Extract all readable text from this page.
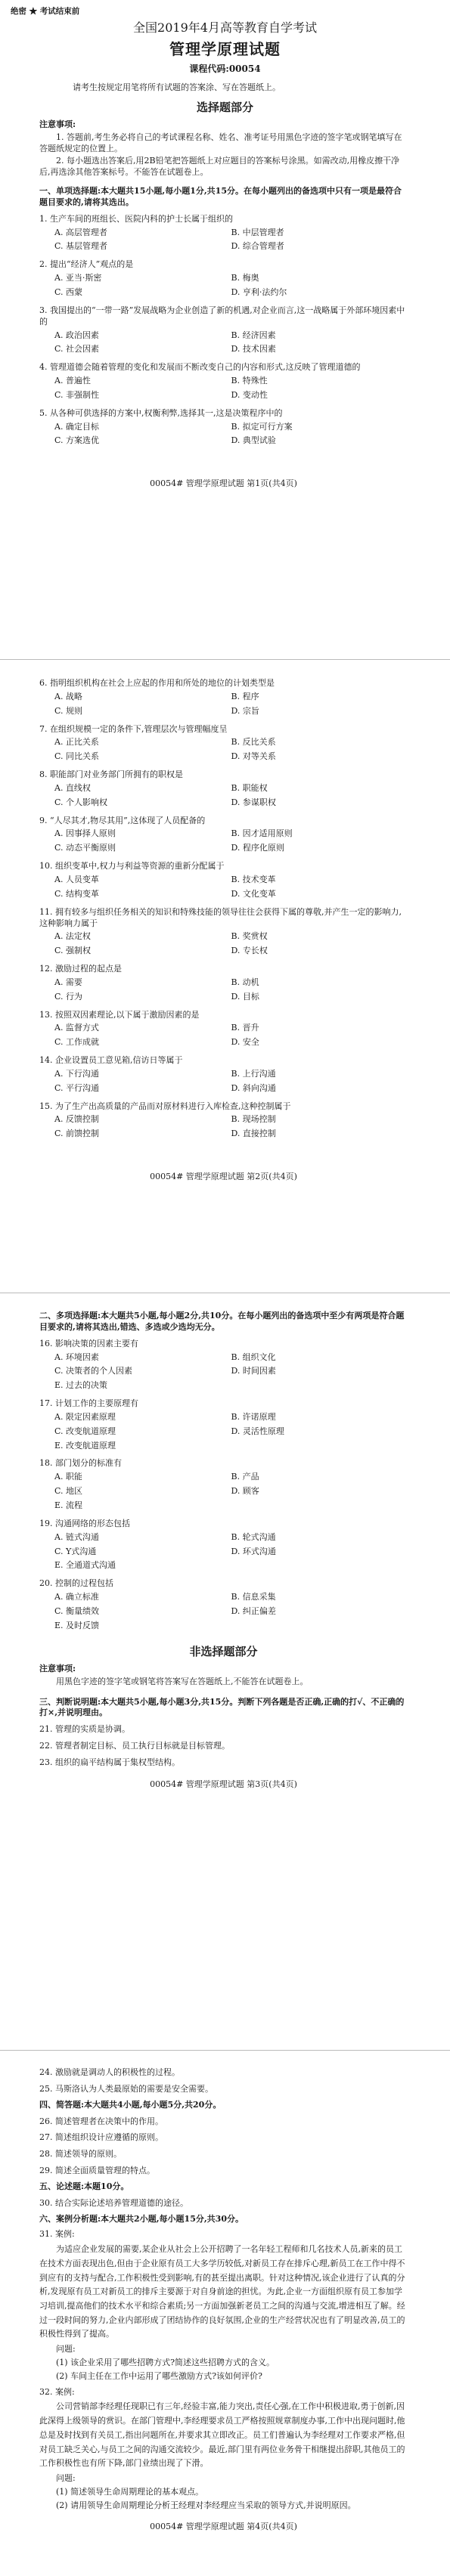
绝密 ★ 考试结束前
全国2019年4月高等教育自学考试
管理学原理试题
课程代码:00054
请考生按规定用笔将所有试题的答案涂、写在答题纸上。
选择题部分
注意事项:
1. 答题前,考生务必将自己的考试课程名称、姓名、准考证号用黑色字迹的签字笔或钢笔填写在答题纸规定的位置上。
2. 每小题选出答案后,用2B铅笔把答题纸上对应题目的答案标号涂黑。如需改动,用橡皮擦干净后,再选涂其他答案标号。不能答在试题卷上。
一、单项选择题:本大题共15小题,每小题1分,共15分。在每小题列出的备选项中只有一项是最符合题目要求的,请将其选出。
1. 生产车间的班组长、医院内科的护士长属于组织的
A. 高层管理者	B. 中层管理者
C. 基层管理者	D. 综合管理者
2. 提出“经济人”观点的是
A. 亚当·斯密	B. 梅奥
C. 西蒙	D. 亨利·法约尔
3. 我国提出的“一带一路”发展战略为企业创造了新的机遇,对企业而言,这一战略属于外部环境因素中的
A. 政治因素	B. 经济因素
C. 社会因素	D. 技术因素
4. 管理道德会随着管理的变化和发展而不断改变自己的内容和形式,这反映了管理道德的
A. 普遍性	B. 特殊性
C. 非强制性	D. 变动性
5. 从各种可供选择的方案中,权衡利弊,选择其一,这是决策程序中的
A. 确定目标	B. 拟定可行方案
C. 方案选优	D. 典型试验
00054# 管理学原理试题 第1页(共4页)
6. 指明组织机构在社会上应起的作用和所处的地位的计划类型是
A. 战略	B. 程序
C. 规则	D. 宗旨
7. 在组织规模一定的条件下,管理层次与管理幅度呈
A. 正比关系	B. 反比关系
C. 同比关系	D. 对等关系
8. 职能部门对业务部门所拥有的职权是
A. 直线权	B. 职能权
C. 个人影响权	D. 参谋职权
9. “人尽其才,物尽其用”,这体现了人员配备的
A. 因事择人原则	B. 因才适用原则
C. 动态平衡原则	D. 程序化原则
10. 组织变革中,权力与利益等资源的重新分配属于
A. 人员变革	B. 技术变革
C. 结构变革	D. 文化变革
11. 拥有较多与组织任务相关的知识和特殊技能的领导往往会获得下属的尊敬,并产生一定的影响力,这种影响力属于
A. 法定权	B. 奖赏权
C. 强制权	D. 专长权
12. 激励过程的起点是
A. 需要	B. 动机
C. 行为	D. 目标
13. 按照双因素理论,以下属于激励因素的是
A. 监督方式	B. 晋升
C. 工作成就	D. 安全
14. 企业设置员工意见箱,信访日等属于
A. 下行沟通	B. 上行沟通
C. 平行沟通	D. 斜向沟通
15. 为了生产出高质量的产品而对原材料进行入库检查,这种控制属于
A. 反馈控制	B. 现场控制
C. 前馈控制	D. 直接控制
00054# 管理学原理试题 第2页(共4页)
二、多项选择题:本大题共5小题,每小题2分,共10分。在每小题列出的备选项中至少有两项是符合题目要求的,请将其选出,错选、多选或少选均无分。
16. 影响决策的因素主要有
A. 环境因素	B. 组织文化
C. 决策者的个人因素	D. 时间因素
E. 过去的决策
17. 计划工作的主要原理有
A. 限定因素原理	B. 许诺原理
C. 改变航道原理	D. 灵活性原理
E. 改变航道原理
18. 部门划分的标准有
A. 职能	B. 产品
C. 地区	D. 顾客
E. 流程
19. 沟通网络的形态包括
A. 链式沟通	B. 轮式沟通
C. Y式沟通	D. 环式沟通
E. 全通道式沟通
20. 控制的过程包括
A. 确立标准	B. 信息采集
C. 衡量绩效	D. 纠正偏差
E. 及时反馈
非选择题部分
注意事项:
用黑色字迹的签字笔或钢笔将答案写在答题纸上,不能答在试题卷上。
三、判断说明题:本大题共5小题,每小题3分,共15分。判断下列各题是否正确,正确的打√、不正确的打×,并说明理由。
21. 管理的实质是协调。
22. 管理者制定目标、员工执行目标就是目标管理。
23. 组织的扁平结构属于集权型结构。
00054# 管理学原理试题 第3页(共4页)
24. 激励就是调动人的积极性的过程。
25. 马斯洛认为人类最原始的需要是安全需要。
四、简答题:本大题共4小题,每小题5分,共20分。
26. 简述管理者在决策中的作用。
27. 简述组织设计应遵循的原则。
28. 简述领导的原则。
29. 简述全面质量管理的特点。
五、论述题:本题10分。
30. 结合实际论述培养管理道德的途径。
六、案例分析题:本大题共2小题,每小题15分,共30分。
31. 案例:
为适应企业发展的需要,某企业从社会上公开招聘了一名年轻工程师和几名技术人员,新来的员工在技术方面表现出色,但由于企业原有员工大多学历较低,对新员工存在排斥心理,新员工在工作中得不到应有的支持与配合,工作积极性受到影响,有的甚至提出离职。针对这种情况,该企业进行了认真的分析,发现原有员工对新员工的排斥主要源于对自身前途的担忧。为此,企业一方面组织原有员工参加学习培训,提高他们的技术水平和综合素质;另一方面加强新老员工之间的沟通与交流,增进相互了解。经过一段时间的努力,企业内部形成了团结协作的良好氛围,企业的生产经营状况也有了明显改善,员工的积极性得到了提高。
问题:
(1) 该企业采用了哪些招聘方式?简述这些招聘方式的含义。
(2) 车间主任在工作中运用了哪些激励方式?该如何评价?
32. 案例:
公司营销部李经理任现职已有三年,经验丰富,能力突出,责任心强,在工作中积极进取,勇于创新,因此深得上级领导的赏识。在部门管理中,李经理要求员工严格按照规章制度办事,工作中出现问题时,他总是及时找到有关员工,指出问题所在,并要求其立即改正。员工们普遍认为李经理对工作要求严格,但对员工缺乏关心,与员工之间的沟通交流较少。最近,部门里有两位业务骨干相继提出辞职,其他员工的工作积极性也有所下降,部门业绩出现了下滑。
问题:
(1) 简述领导生命周期理论的基本观点。
(2) 请用领导生命周期理论分析王经理对李经理应当采取的领导方式,并说明原因。
00054# 管理学原理试题 第4页(共4页)
